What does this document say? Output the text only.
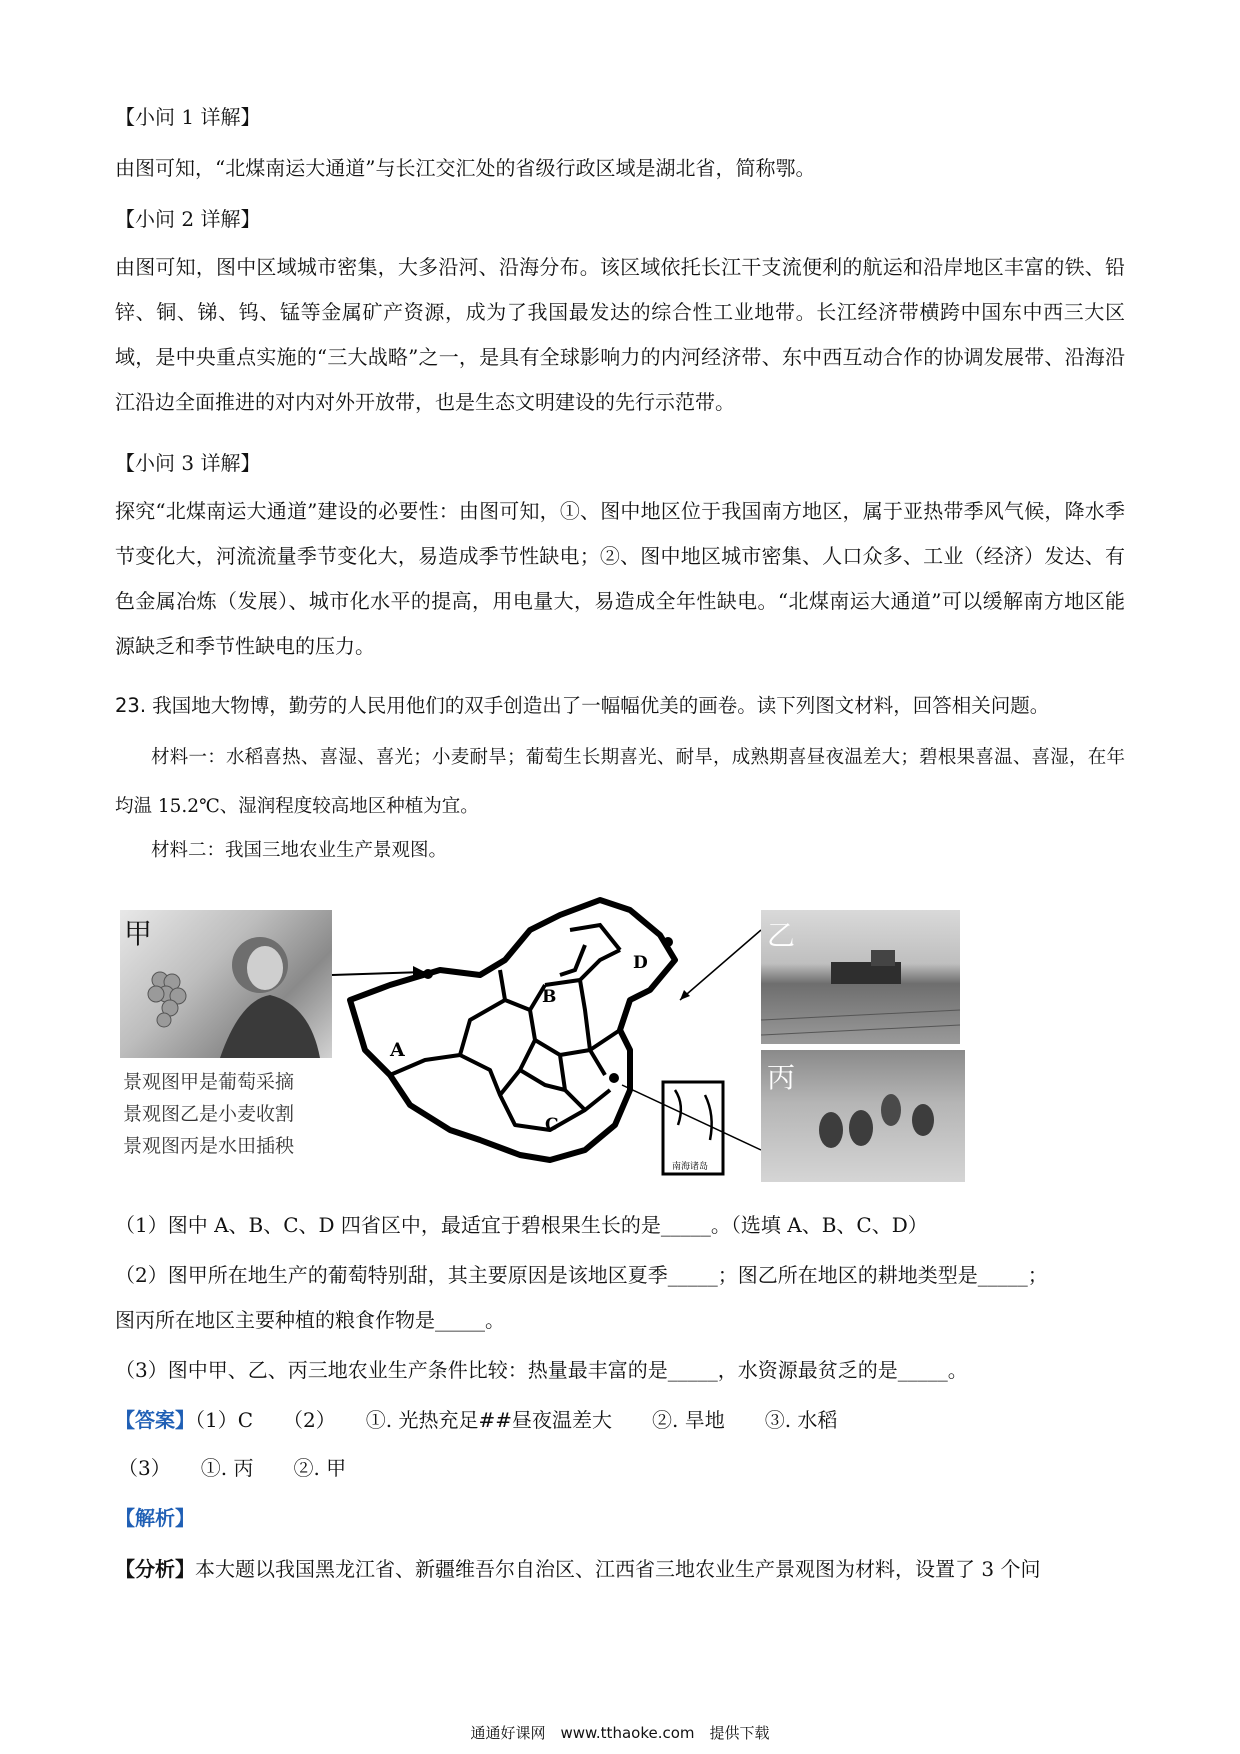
【小问 1 详解】
由图可知，“北煤南运大通道”与长江交汇处的省级行政区域是湖北省，简称鄂。
【小问 2 详解】
由图可知，图中区域城市密集，大多沿河、沿海分布。该区域依托长江干支流便利的航运和沿岸地区丰富的铁、铅锌、铜、锑、钨、锰等金属矿产资源，成为了我国最发达的综合性工业地带。长江经济带横跨中国东中西三大区域，是中央重点实施的“三大战略”之一，是具有全球影响力的内河经济带、东中西互动合作的协调发展带、沿海沿江沿边全面推进的对内对外开放带，也是生态文明建设的先行示范带。
【小问 3 详解】
探究“北煤南运大通道”建设的必要性：由图可知，①、图中地区位于我国南方地区，属于亚热带季风气候，降水季节变化大，河流流量季节变化大，易造成季节性缺电；②、图中地区城市密集、人口众多、工业（经济）发达、有色金属冶炼（发展）、城市化水平的提高，用电量大，易造成全年性缺电。“北煤南运大通道”可以缓解南方地区能源缺乏和季节性缺电的压力。
23. 我国地大物博，勤劳的人民用他们的双手创造出了一幅幅优美的画卷。读下列图文材料，回答相关问题。
材料一：水稻喜热、喜湿、喜光；小麦耐旱；葡萄生长期喜光、耐旱，成熟期喜昼夜温差大；碧根果喜温、喜湿，在年均温 15.2℃、湿润程度较高地区种植为宜。
材料二：我国三地农业生产景观图。
甲
景观图甲是葡萄采摘
景观图乙是小麦收割
景观图丙是水田插秧
A
B
C
D
南海诸岛
乙
丙
（1）图中 A、B、C、D 四省区中，最适宜于碧根果生长的是_____。（选填 A、B、C、D）
（2）图甲所在地生产的葡萄特别甜，其主要原因是该地区夏季_____；图乙所在地区的耕地类型是_____；
图丙所在地区主要种植的粮食作物是_____。
（3）图中甲、乙、丙三地农业生产条件比较：热量最丰富的是_____，水资源最贫乏的是_____。
【答案】（1）C　　（2）　　①. 光热充足##昼夜温差大　　②. 旱地　　③. 水稻
（3）　　①. 丙　　②. 甲
【解析】
【分析】本大题以我国黑龙江省、新疆维吾尔自治区、江西省三地农业生产景观图为材料，设置了 3 个问
通通好课网　www.tthaoke.com　提供下载
